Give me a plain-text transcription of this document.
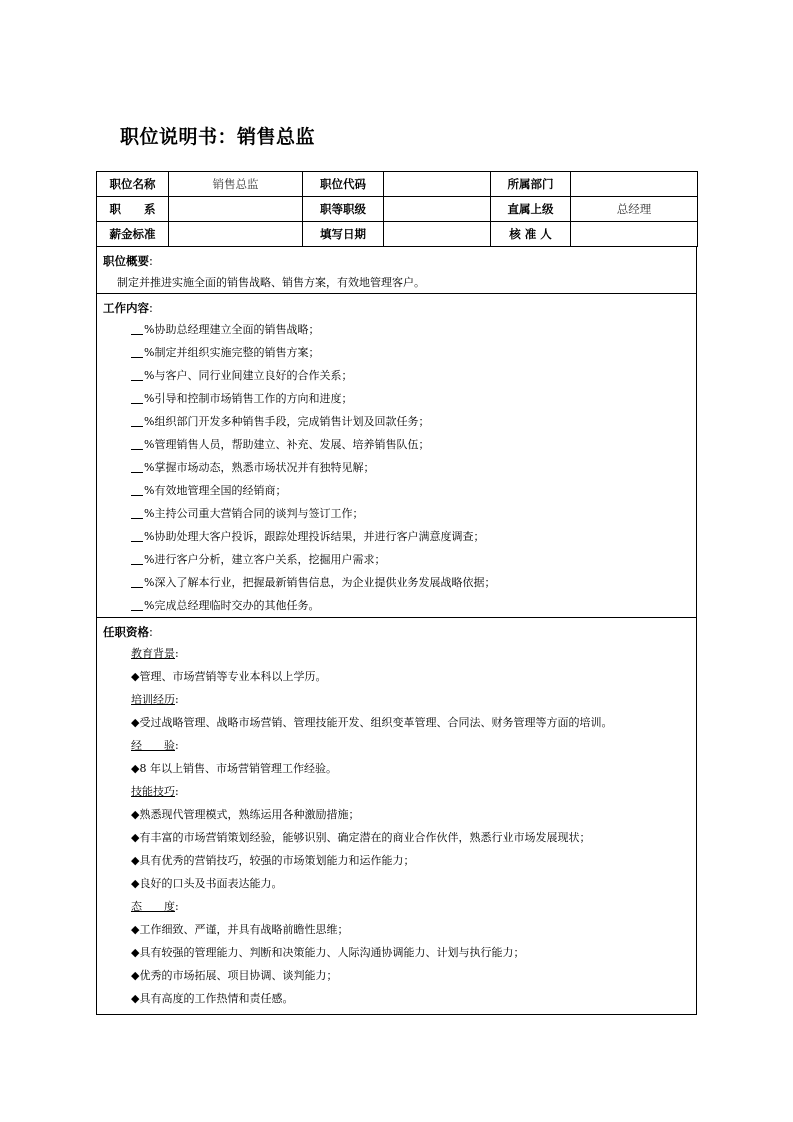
职位说明书：销售总监
职位名称	销售总监	职位代码		所属部门	
职　　系		职等职级		直属上级	总经理
薪金标准		填写日期		核 准 人	
职位概要:
制定并推进实施全面的销售战略、销售方案，有效地管理客户。
工作内容:
%协助总经理建立全面的销售战略；
%制定并组织实施完整的销售方案；
%与客户、同行业间建立良好的合作关系；
%引导和控制市场销售工作的方向和进度；
%组织部门开发多种销售手段，完成销售计划及回款任务；
%管理销售人员，帮助建立、补充、发展、培养销售队伍；
%掌握市场动态，熟悉市场状况并有独特见解；
%有效地管理全国的经销商；
%主持公司重大营销合同的谈判与签订工作；
%协助处理大客户投诉，跟踪处理投诉结果，并进行客户满意度调查；
%进行客户分析，建立客户关系，挖掘用户需求；
%深入了解本行业，把握最新销售信息，为企业提供业务发展战略依据；
%完成总经理临时交办的其他任务。
任职资格:
教育背景:
◆管理、市场营销等专业本科以上学历。
培训经历:
◆受过战略管理、战略市场营销、管理技能开发、组织变革管理、合同法、财务管理等方面的培训。
经　　验:
◆8 年以上销售、市场营销管理工作经验。
技能技巧:
◆熟悉现代管理模式，熟练运用各种激励措施；
◆有丰富的市场营销策划经验，能够识别、确定潜在的商业合作伙伴，熟悉行业市场发展现状；
◆具有优秀的营销技巧，较强的市场策划能力和运作能力；
◆良好的口头及书面表达能力。
态　　度:
◆工作细致、严谨，并具有战略前瞻性思维；
◆具有较强的管理能力、判断和决策能力、人际沟通协调能力、计划与执行能力；
◆优秀的市场拓展、项目协调、谈判能力；
◆具有高度的工作热情和责任感。
